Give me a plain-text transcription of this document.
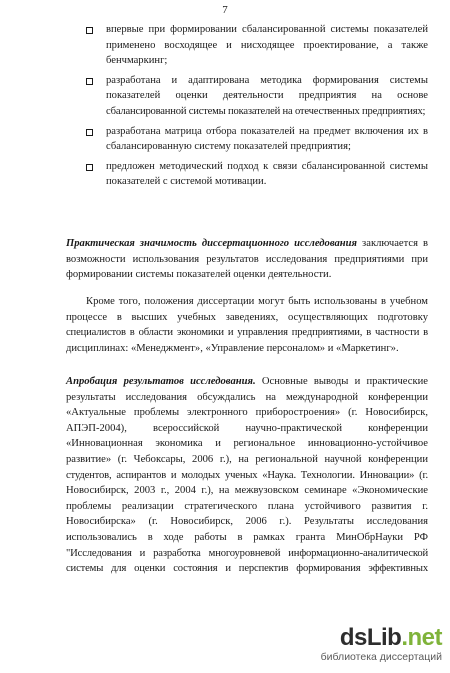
7
впервые при формировании сбалансированной системы показателей
применено восходящее и нисходящее проектирование, а также
бенчмаркинг;
разработана и адаптирована методика формирования системы
показателей оценки деятельности предприятия на основе
сбалансированной системы показателей на отечественных предприятиях;
разработана матрица отбора показателей на предмет включения их в
сбалансированную систему показателей предприятия;
предложен методический подход к связи сбалансированной системы
показателей с системой мотивации.
Практическая значимость диссертационного исследования заключается в
возможности использования результатов исследования предприятиями при
формировании системы показателей оценки деятельности.
Кроме того, положения диссертации могут быть использованы в учебном
процессе в высших учебных заведениях, осуществляющих подготовку
специалистов в области экономики и управления предприятиями, в частности в
дисциплинах: «Менеджмент», «Управление персоналом» и «Маркетинг».
Апробация результатов исследования. Основные выводы и практические
результаты исследования обсуждались на международной конференции
«Актуальные проблемы электронного приборостроения» (г. Новосибирск,
АПЭП-2004), всероссийской научно-практической конференции
«Инновационная экономика и региональное инновационно-устойчивое
развитие» (г. Чебоксары, 2006 г.), на региональной научной конференции
студентов, аспирантов и молодых ученых «Наука. Технологии. Инновации» (г.
Новосибирск, 2003 г., 2004 г.), на межвузовском семинаре «Экономические
проблемы реализации стратегического плана устойчивого развития г.
Новосибирска» (г. Новосибирск, 2006 г.). Результаты исследования
использовались в ходе работы в рамках гранта МинОбрНауки РФ
"Исследования и разработка многоуровневой информационно-аналитической
системы для оценки состояния и перспектив формирования эффективных
dsLib.net
библиотека диссертаций
